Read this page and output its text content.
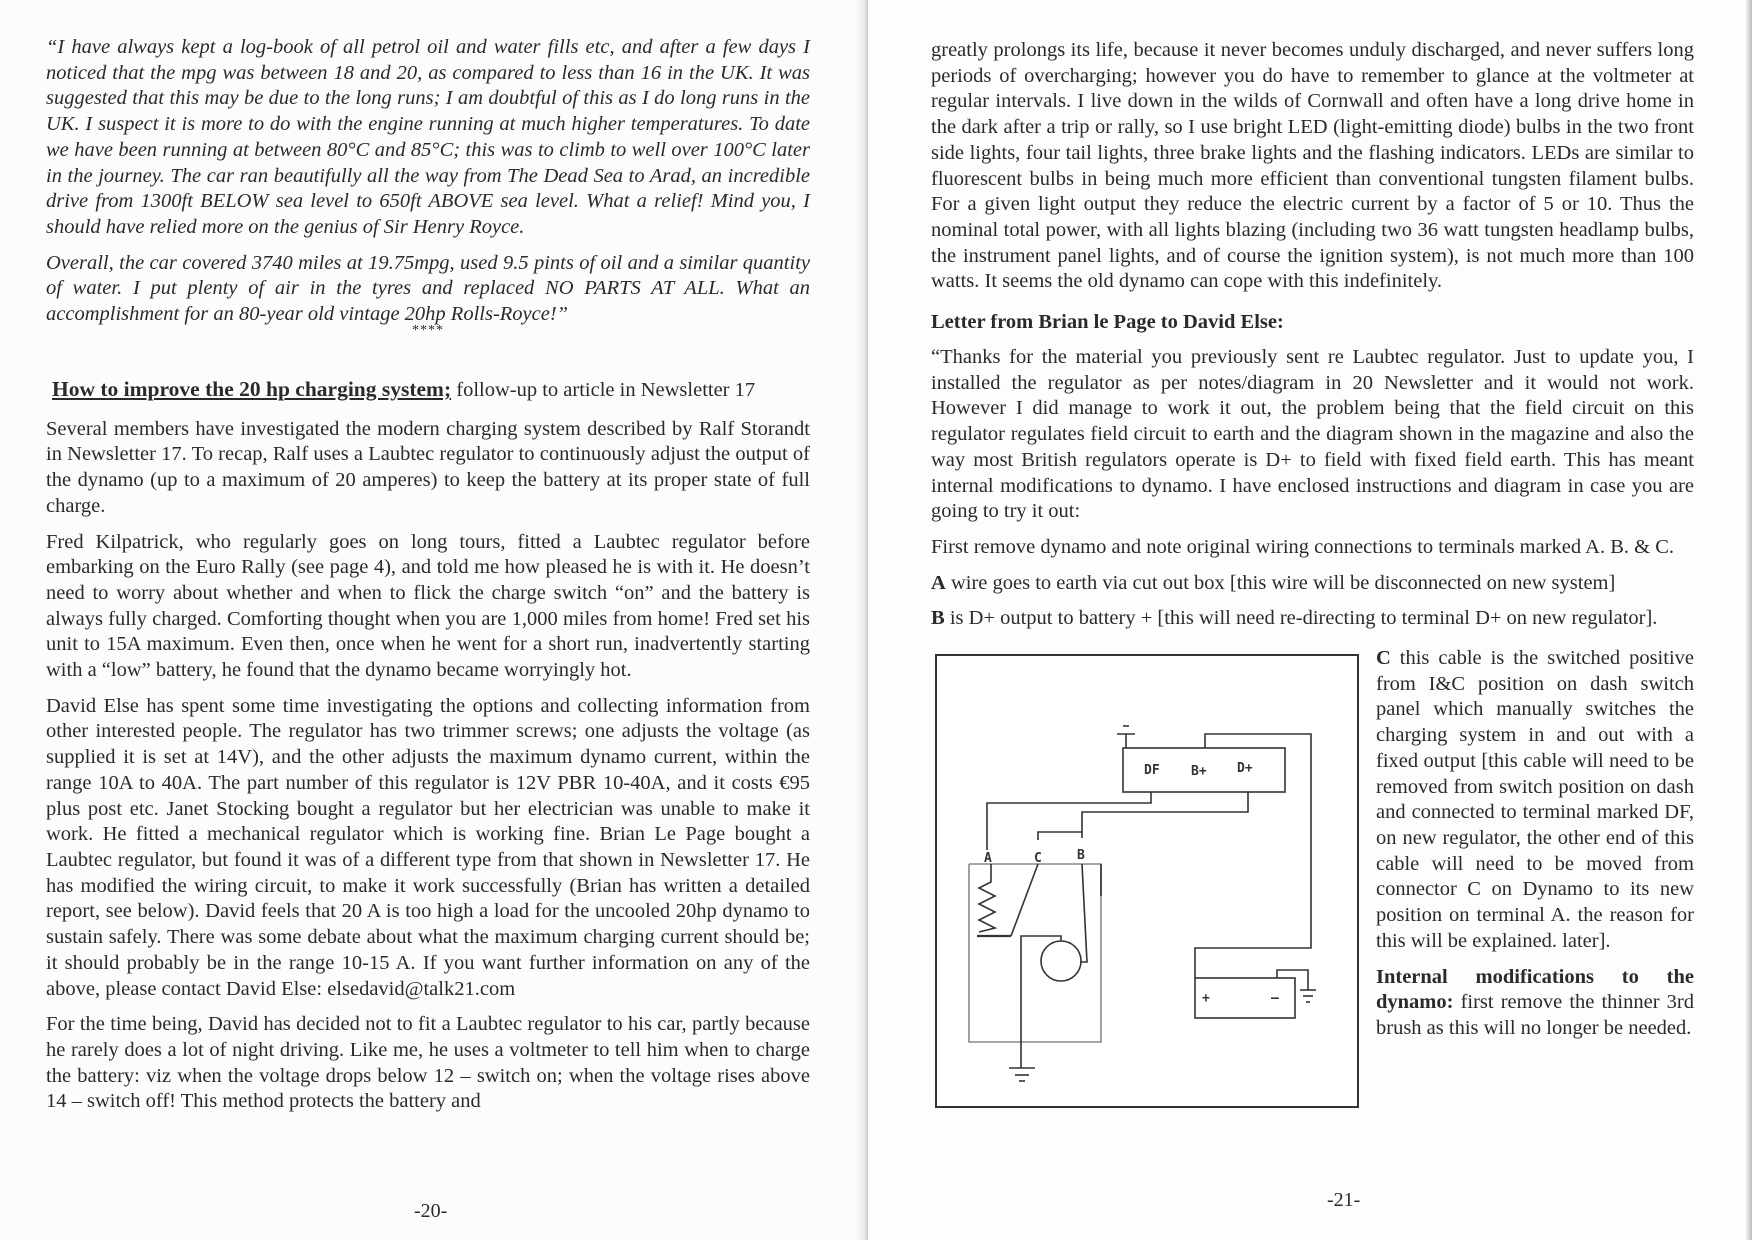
“I have always kept a log-book of all petrol oil and water fills etc, and after a few days I noticed that the mpg was between 18 and 20, as compared to less than 16 in the UK. It was suggested that this may be due to the long runs; I am doubtful of this as I do long runs in the UK. I suspect it is more to do with the engine running at much higher temperatures. To date we have been running at between 80°C and 85°C; this was to climb to well over 100°C later in the journey. The car ran beautifully all the way from The Dead Sea to Arad, an incredible drive from 1300ft BELOW sea level to 650ft ABOVE sea level. What a relief! Mind you, I should have relied more on the genius of Sir Henry Royce.

Overall, the car covered 3740 miles at 19.75mpg, used 9.5 pints of oil and a similar quantity of water. I put plenty of air in the tyres and replaced NO PARTS AT ALL. What an accomplishment for an 80-year old vintage 20hp Rolls-Royce!”

****
How to improve the 20 hp charging system; follow-up to article in Newsletter 17

Several members have investigated the modern charging system described by Ralf Storandt in Newsletter 17. To recap, Ralf uses a Laubtec regulator to continuously adjust the output of the dynamo (up to a maximum of 20 amperes) to keep the battery at its proper state of full charge.

Fred Kilpatrick, who regularly goes on long tours, fitted a Laubtec regulator before embarking on the Euro Rally (see page 4), and told me how pleased he is with it. He doesn’t need to worry about whether and when to flick the charge switch “on” and the battery is always fully charged. Comforting thought when you are 1,000 miles from home! Fred set his unit to 15A maximum. Even then, once when he went for a short run, inadvertently starting with a “low” battery, he found that the dynamo became worryingly hot.

David Else has spent some time investigating the options and collecting information from other interested people. The regulator has two trimmer screws; one adjusts the voltage (as supplied it is set at 14V), and the other adjusts the maximum dynamo current, within the range 10A to 40A. The part number of this regulator is 12V PBR 10-40A, and it costs €95 plus post etc. Janet Stocking bought a regulator but her electrician was unable to make it work. He fitted a mechanical regulator which is working fine. Brian Le Page bought a Laubtec regulator, but found it was of a different type from that shown in Newsletter 17. He has modified the wiring circuit, to make it work successfully (Brian has written a detailed report, see below). David feels that 20 A is too high a load for the uncooled 20hp dynamo to sustain safely. There was some debate about what the maximum charging current should be; it should probably be in the range 10-15 A. If you want further information on any of the above, please contact David Else: elsedavid@talk21.com

For the time being, David has decided not to fit a Laubtec regulator to his car, partly because he rarely does a lot of night driving. Like me, he uses a voltmeter to tell him when to charge the battery: viz when the voltage drops below 12 – switch on; when the voltage rises above 14 – switch off! This method protects the battery and

-20-

greatly prolongs its life, because it never becomes unduly discharged, and never suffers long periods of overcharging; however you do have to remember to glance at the voltmeter at regular intervals. I live down in the wilds of Cornwall and often have a long drive home in the dark after a trip or rally, so I use bright LED (light-emitting diode) bulbs in the two front side lights, four tail lights, three brake lights and the flashing indicators. LEDs are similar to fluorescent bulbs in being much more efficient than conventional tungsten filament bulbs. For a given light output they reduce the electric current by a factor of 5 or 10. Thus the nominal total power, with all lights blazing (including two 36 watt tungsten headlamp bulbs, the instrument panel lights, and of course the ignition system), is not much more than 100 watts. It seems the old dynamo can cope with this indefinitely.

Letter from Brian le Page to David Else:

“Thanks for the material you previously sent re Laubtec regulator. Just to update you, I installed the regulator as per notes/diagram in 20 Newsletter and it would not work. However I did manage to work it out, the problem being that the field circuit on this regulator regulates field circuit to earth and the diagram shown in the magazine and also the way most British regulators operate is D+ to field with fixed field earth. This has meant internal modifications to dynamo. I have enclosed instructions and diagram in case you are going to try it out:

First remove dynamo and note original wiring connections to terminals marked A. B. & C.

A wire goes to earth via cut out box [this wire will be disconnected on new system]

B is D+ output to battery + [this will need re-directing to terminal D+ on new regulator].

DF B+ D+
A	C	B
+	–

C this cable is the switched positive from I&C position on dash switch panel which manually switches the charging system in and out with a fixed output [this cable will need to be removed from switch position on dash and connected to terminal marked DF, on new regulator, the other end of this cable will need to be moved from connector C on Dynamo to its new position on terminal A. the reason for this will be explained. later].

Internal modifications to the dynamo: first remove the thinner 3rd brush as this will no longer be needed.

-21-
